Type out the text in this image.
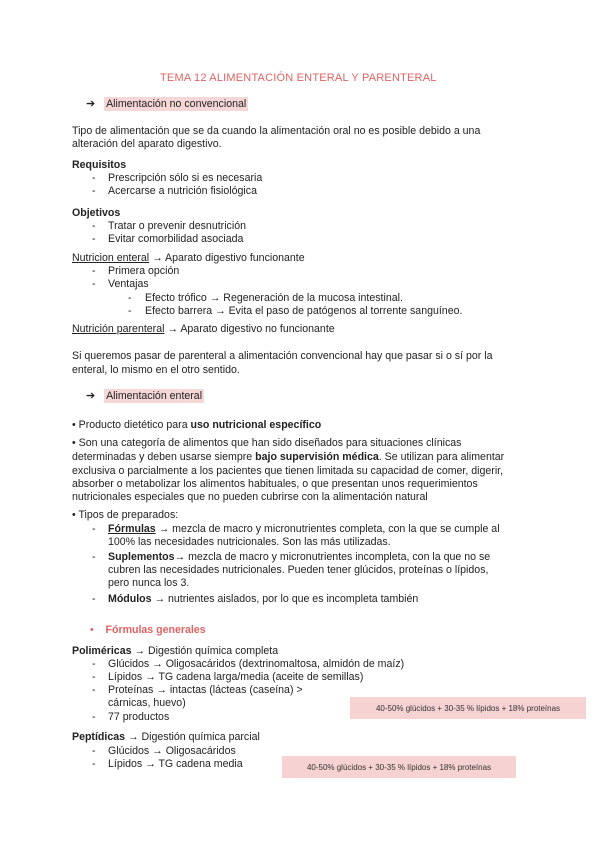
TEMA 12 ALIMENTACIÓN ENTERAL Y PARENTERAL
➔ Alimentación no convencional
Tipo de alimentación que se da cuando la alimentación oral no es posible debido a una
alteración del aparato digestivo.
Requisitos
- Prescripción sólo si es necesaria
- Acercarse a nutrición fisiológica
Objetivos
- Tratar o prevenir desnutrición
- Evitar comorbilidad asociada
Nutricion enteral → Aparato digestivo funcionante
- Primera opción
- Ventajas
- Efecto trófico → Regeneración de la mucosa intestinal.
- Efecto barrera → Evita el paso de patógenos al torrente sanguíneo.
Nutrición parenteral → Aparato digestivo no funcionante
Si queremos pasar de parenteral a alimentación convencional hay que pasar si o sí por la
enteral, lo mismo en el otro sentido.
➔ Alimentación enteral
• Producto dietético para uso nutricional específico
• Son una categoría de alimentos que han sido diseñados para situaciones clínicas
determinadas y deben usarse siempre bajo supervisión médica. Se utilizan para alimentar
exclusiva o parcialmente a los pacientes que tienen limitada su capacidad de comer, digerir,
absorber o metabolizar los alimentos habituales, o que presentan unos requerimientos
nutricionales especiales que no pueden cubrirse con la alimentación natural
• Tipos de preparados:
- Fórmulas → mezcla de macro y micronutrientes completa, con la que se cumple al
100% las necesidades nutricionales. Son las más utilizadas.
- Suplementos→ mezcla de macro y micronutrientes incompleta, con la que no se
cubren las necesidades nutricionales. Pueden tener glúcidos, proteínas o lípidos,
pero nunca los 3.
- Módulos → nutrientes aislados, por lo que es incompleta también
• Fórmulas generales
Poliméricas → Digestión química completa
- Glúcidos → Oligosacáridos (dextrinomaltosa, almidón de maíz)
- Lípidos → TG cadena larga/media (aceite de semillas)
- Proteínas → intactas (lácteas (caseína) >
cárnicas, huevo)
- 77 productos
40-50% glúcidos + 30-35 % lípidos + 18% proteínas
Peptídicas → Digestión química parcial
- Glúcidos → Oligosacáridos
- Lípidos → TG cadena media	40-50% glúcidos + 30-35 % lípidos + 18% proteínas
